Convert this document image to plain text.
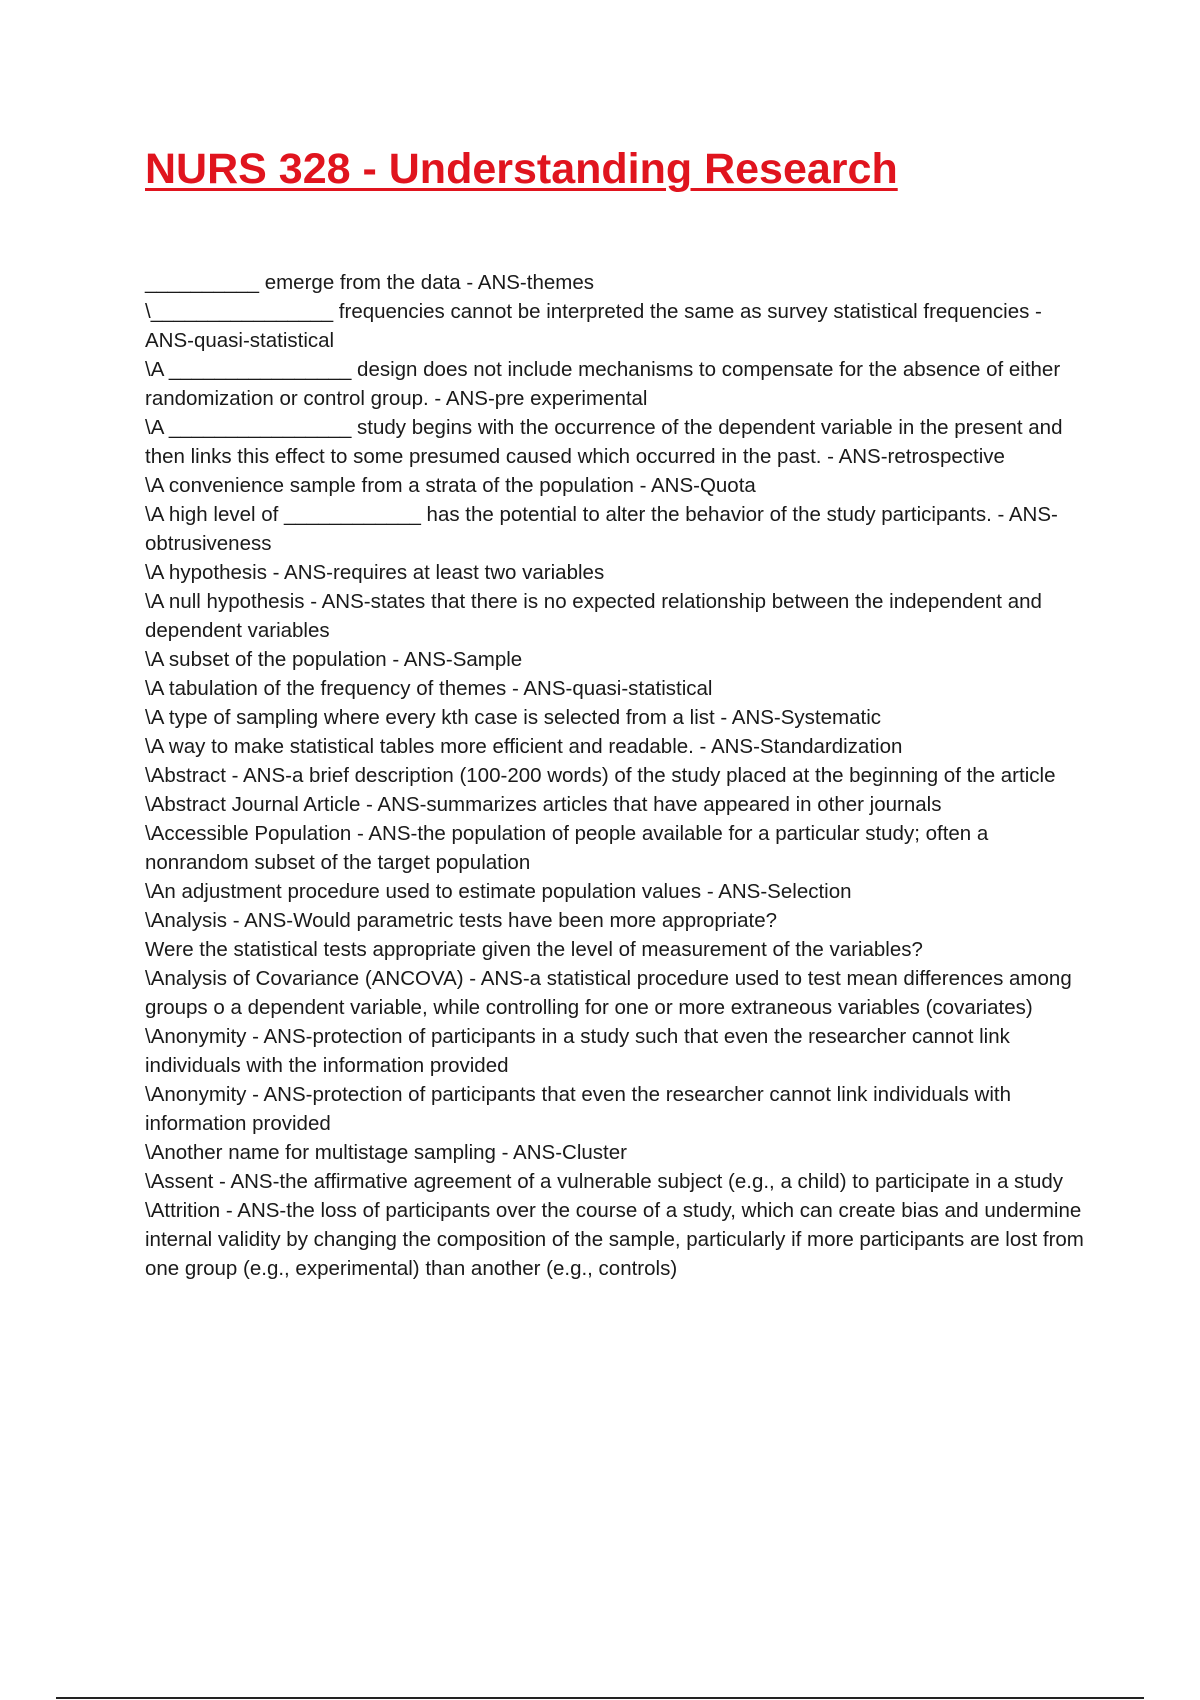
NURS 328 - Understanding Research

__________ emerge from the data - ANS-themes

\________________ frequencies cannot be interpreted the same as survey statistical frequencies - ANS-quasi-statistical

\A ________________ design does not include mechanisms to compensate for the absence of either randomization or control group. - ANS-pre experimental

\A ________________ study begins with the occurrence of the dependent variable in the present and then links this effect to some presumed caused which occurred in the past. - ANS-retrospective

\A convenience sample from a strata of the population - ANS-Quota

\A high level of ____________ has the potential to alter the behavior of the study participants. - ANS-obtrusiveness

\A hypothesis - ANS-requires at least two variables

\A null hypothesis - ANS-states that there is no expected relationship between the independent and dependent variables

\A subset of the population - ANS-Sample

\A tabulation of the frequency of themes - ANS-quasi-statistical

\A type of sampling where every kth case is selected from a list - ANS-Systematic

\A way to make statistical tables more efficient and readable. - ANS-Standardization

\Abstract - ANS-a brief description (100-200 words) of the study placed at the beginning of the article

\Abstract Journal Article - ANS-summarizes articles that have appeared in other journals

\Accessible Population - ANS-the population of people available for a particular study; often a nonrandom subset of the target population

\An adjustment procedure used to estimate population values - ANS-Selection

\Analysis - ANS-Would parametric tests have been more appropriate?

Were the statistical tests appropriate given the level of measurement of the variables?

\Analysis of Covariance (ANCOVA) - ANS-a statistical procedure used to test mean differences among groups o a dependent variable, while controlling for one or more extraneous variables (covariates)

\Anonymity - ANS-protection of participants in a study such that even the researcher cannot link individuals with the information provided

\Anonymity - ANS-protection of participants that even the researcher cannot link individuals with information provided

\Another name for multistage sampling - ANS-Cluster

\Assent - ANS-the affirmative agreement of a vulnerable subject (e.g., a child) to participate in a study

\Attrition - ANS-the loss of participants over the course of a study, which can create bias and undermine internal validity by changing the composition of the sample, particularly if more participants are lost from one group (e.g., experimental) than another (e.g., controls)
